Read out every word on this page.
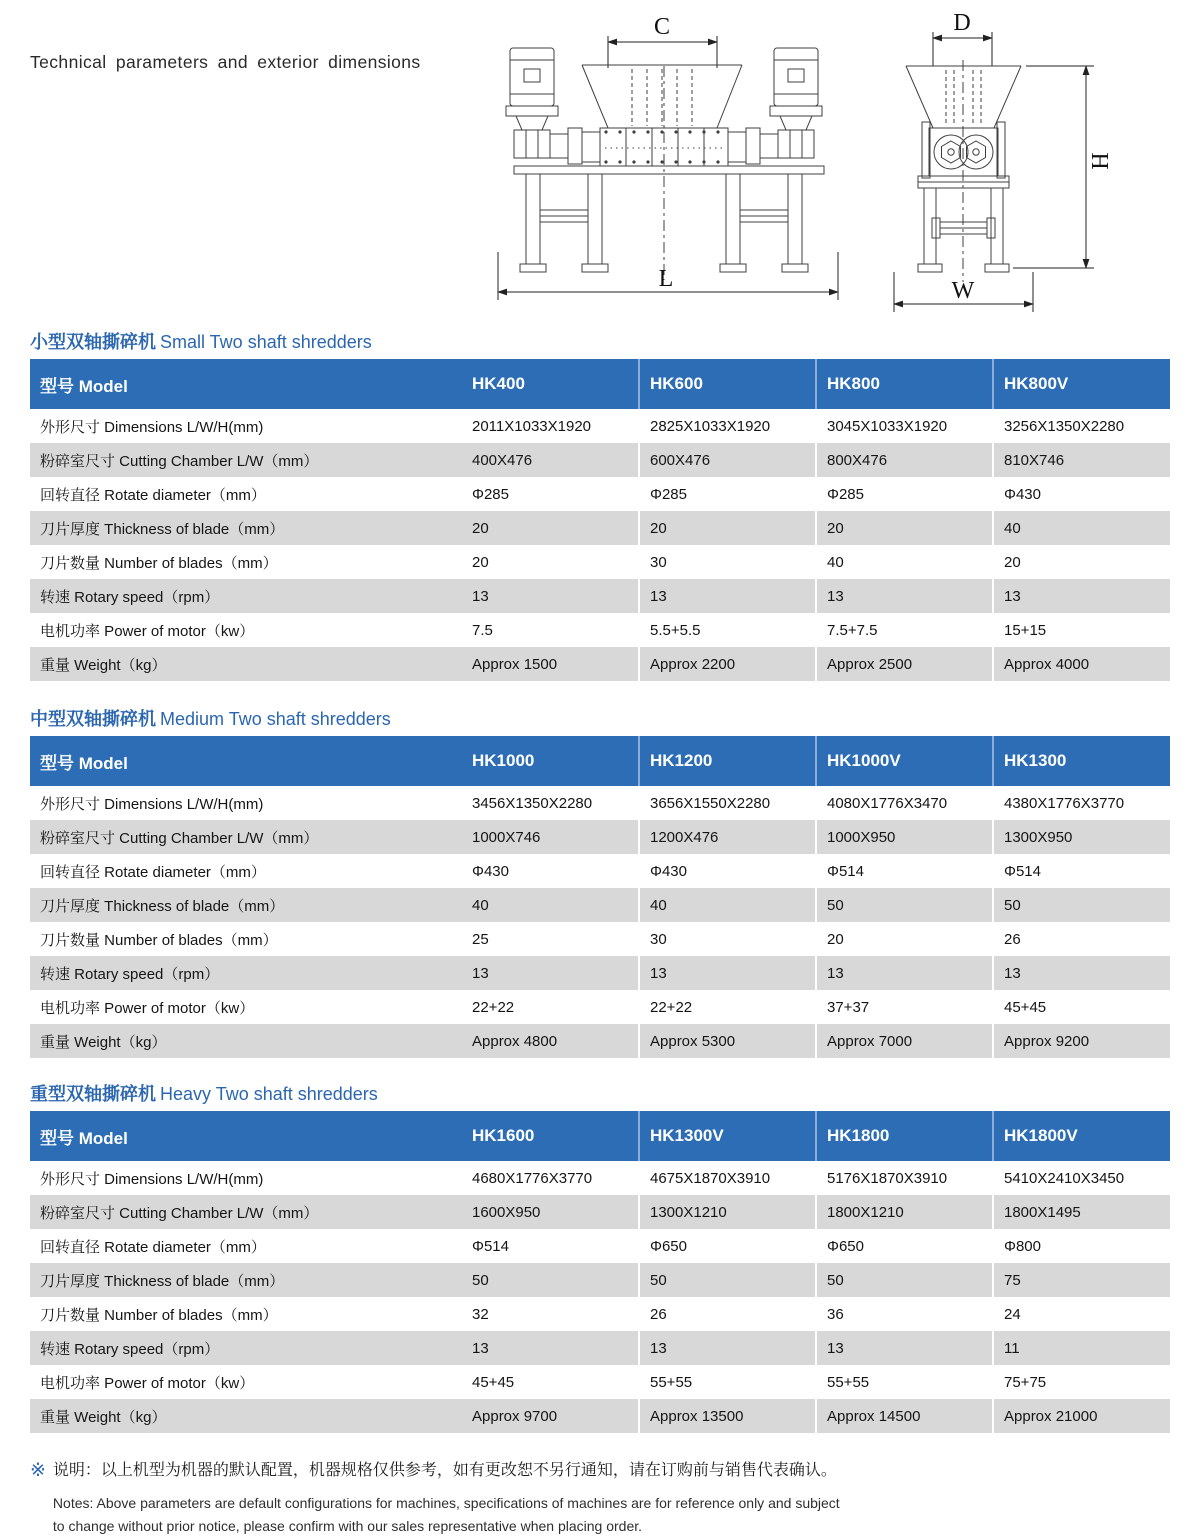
Technical parameters and exterior dimensions
C
L
D
H
W
小型双轴撕碎机 Small Two shaft shredders
型号 Model	HK400	HK600	HK800	HK800V
外形尺寸 Dimensions L/W/H(mm)	2011X1033X1920	2825X1033X1920	3045X1033X1920	3256X1350X2280
粉碎室尺寸 Cutting Chamber L/W（mm）	400X476	600X476	800X476	810X746
回转直径 Rotate diameter（mm）	Φ285	Φ285	Φ285	Φ430
刀片厚度 Thickness of blade（mm）	20	20	20	40
刀片数量 Number of blades（mm）	20	30	40	20
转速 Rotary speed（rpm）	13	13	13	13
电机功率 Power of motor（kw）	7.5	5.5+5.5	7.5+7.5	15+15
重量 Weight（kg）	Approx 1500	Approx 2200	Approx 2500	Approx 4000
中型双轴撕碎机 Medium Two shaft shredders
型号 Model	HK1000	HK1200	HK1000V	HK1300
外形尺寸 Dimensions L/W/H(mm)	3456X1350X2280	3656X1550X2280	4080X1776X3470	4380X1776X3770
粉碎室尺寸 Cutting Chamber L/W（mm）	1000X746	1200X476	1000X950	1300X950
回转直径 Rotate diameter（mm）	Φ430	Φ430	Φ514	Φ514
刀片厚度 Thickness of blade（mm）	40	40	50	50
刀片数量 Number of blades（mm）	25	30	20	26
转速 Rotary speed（rpm）	13	13	13	13
电机功率 Power of motor（kw）	22+22	22+22	37+37	45+45
重量 Weight（kg）	Approx 4800	Approx 5300	Approx 7000	Approx 9200
重型双轴撕碎机 Heavy Two shaft shredders
型号 Model	HK1600	HK1300V	HK1800	HK1800V
外形尺寸 Dimensions L/W/H(mm)	4680X1776X3770	4675X1870X3910	5176X1870X3910	5410X2410X3450
粉碎室尺寸 Cutting Chamber L/W（mm）	1600X950	1300X1210	1800X1210	1800X1495
回转直径 Rotate diameter（mm）	Φ514	Φ650	Φ650	Φ800
刀片厚度 Thickness of blade（mm）	50	50	50	75
刀片数量 Number of blades（mm）	32	26	36	24
转速 Rotary speed（rpm）	13	13	13	11
电机功率 Power of motor（kw）	45+45	55+55	55+55	75+75
重量 Weight（kg）	Approx 9700	Approx 13500	Approx 14500	Approx 21000
※ 说明：以上机型为机器的默认配置，机器规格仅供参考，如有更改恕不另行通知，请在订购前与销售代表确认。
Notes: Above parameters are default configurations for machines, specifications of machines are for reference only and subject
to change without prior notice, please confirm with our sales representative when placing order.
